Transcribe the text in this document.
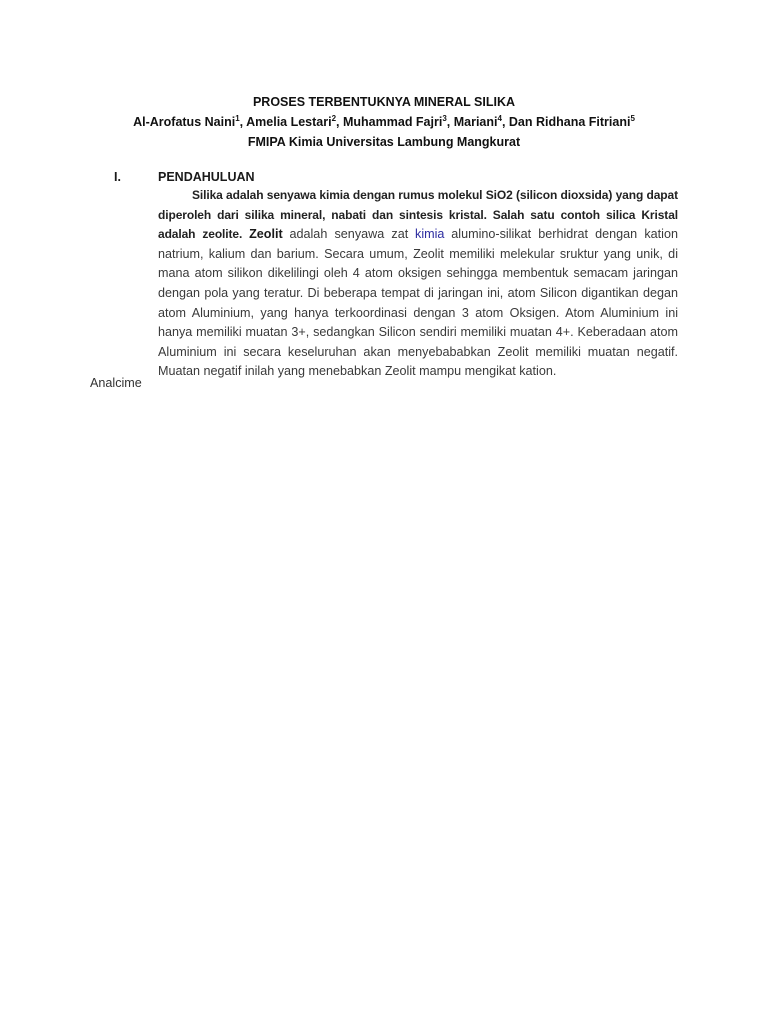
PROSES TERBENTUKNYA MINERAL SILIKA
Al-Arofatus Naini$^1$, Amelia Lestari$^2$, Muhammad Fajri$^3$, Mariani$^4$, Dan Ridhana Fitriani$^5$
FMIPA Kimia Universitas Lambung Mangkurat
I.	PENDAHULUAN
Silika adalah senyawa kimia dengan rumus molekul SiO2 (silicon dioxsida) yang dapat diperoleh dari silika mineral, nabati dan sintesis kristal. Salah satu contoh silica Kristal adalah zeolite. Zeolit adalah senyawa zat kimia alumino-silikat berhidrat dengan kation natrium, kalium dan barium. Secara umum, Zeolit memiliki melekular sruktur yang unik, di mana atom silikon dikelilingi oleh 4 atom oksigen sehingga membentuk semacam jaringan dengan pola yang teratur. Di beberapa tempat di jaringan ini, atom Silicon digantikan degan atom Aluminium, yang hanya terkoordinasi dengan 3 atom Oksigen. Atom Aluminium ini hanya memiliki muatan 3+, sedangkan Silicon sendiri memiliki muatan 4+. Keberadaan atom Aluminium ini secara keseluruhan akan menyebababkan Zeolit memiliki muatan negatif. Muatan negatif inilah yang menebabkan Zeolit mampu mengikat kation.
Analcime
